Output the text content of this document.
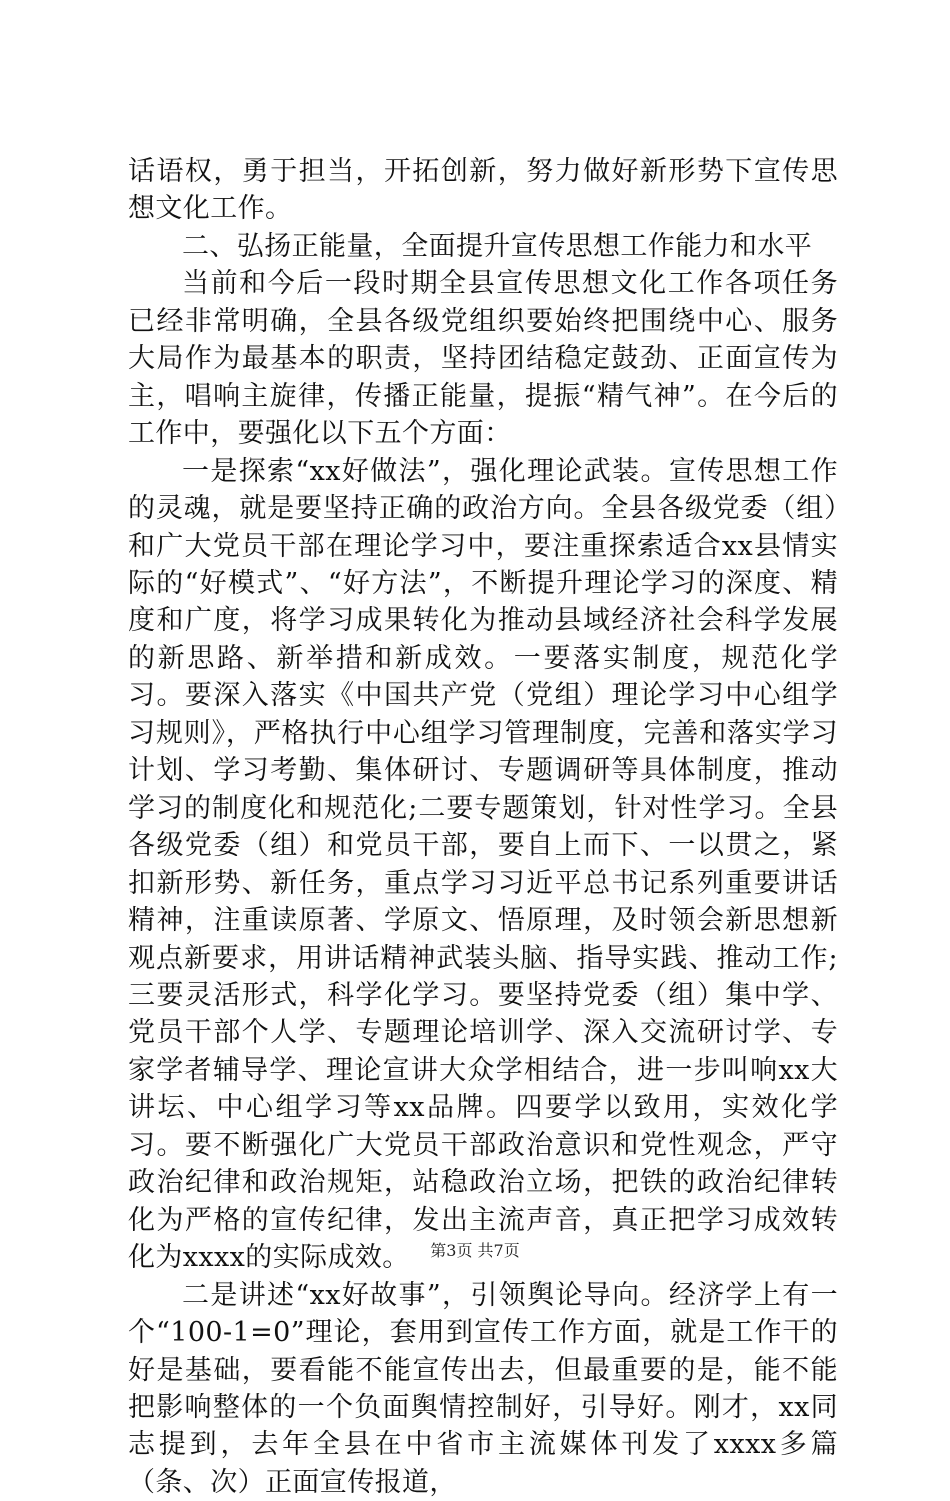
话语权，勇于担当，开拓创新，努力做好新形势下宣传思想文化工作。

二、弘扬正能量，全面提升宣传思想工作能力和水平

当前和今后一段时期全县宣传思想文化工作各项任务已经非常明确，全县各级党组织要始终把围绕中心、服务大局作为最基本的职责，坚持团结稳定鼓劲、正面宣传为主，唱响主旋律，传播正能量，提振“精气神”。在今后的工作中，要强化以下五个方面：

一是探索“xx好做法”，强化理论武装。宣传思想工作的灵魂，就是要坚持正确的政治方向。全县各级党委（组）和广大党员干部在理论学习中，要注重探索适合xx县情实际的“好模式”、“好方法”，不断提升理论学习的深度、精度和广度，将学习成果转化为推动县域经济社会科学发展的新思路、新举措和新成效。一要落实制度，规范化学习。要深入落实《中国共产党（党组）理论学习中心组学习规则》，严格执行中心组学习管理制度，完善和落实学习计划、学习考勤、集体研讨、专题调研等具体制度，推动学习的制度化和规范化;二要专题策划，针对性学习。全县各级党委（组）和党员干部，要自上而下、一以贯之，紧扣新形势、新任务，重点学习习近平总书记系列重要讲话精神，注重读原著、学原文、悟原理，及时领会新思想新观点新要求，用讲话精神武装头脑、指导实践、推动工作;三要灵活形式，科学化学习。要坚持党委（组）集中学、党员干部个人学、专题理论培训学、深入交流研讨学、专家学者辅导学、理论宣讲大众学相结合，进一步叫响xx大讲坛、中心组学习等xx品牌。四要学以致用，实效化学习。要不断强化广大党员干部政治意识和党性观念，严守政治纪律和政治规矩，站稳政治立场，把铁的政治纪律转化为严格的宣传纪律，发出主流声音，真正把学习成效转化为xxxx的实际成效。

二是讲述“xx好故事”，引领舆论导向。经济学上有一个“100-1=0”理论，套用到宣传工作方面，就是工作干的好是基础，要看能不能宣传出去，但最重要的是，能不能把影响整体的一个负面舆情控制好，引导好。刚才，xx同志提到，去年全县在中省市主流媒体刊发了xxxx多篇（条、次）正面宣传报道，

第3页 共7页
